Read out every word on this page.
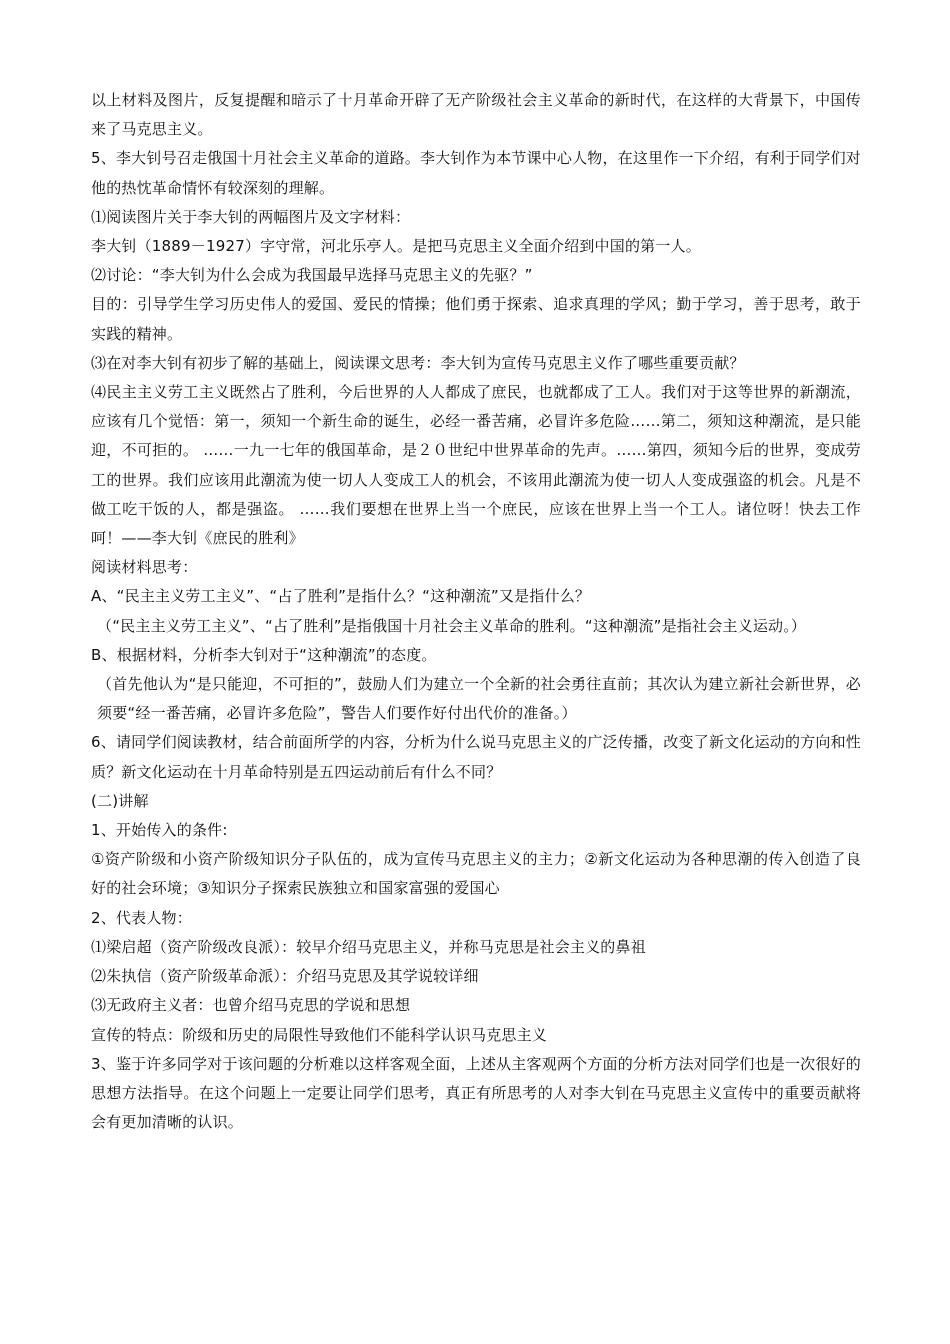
以上材料及图片，反复提醒和暗示了十月革命开辟了无产阶级社会主义革命的新时代，在这样的大背景下，中国传来了马克思主义。

5、李大钊号召走俄国十月社会主义革命的道路。李大钊作为本节课中心人物，在这里作一下介绍，有利于同学们对他的热忱革命情怀有较深刻的理解。

⑴阅读图片关于李大钊的两幅图片及文字材料：

李大钊（1889－1927）字守常，河北乐亭人。是把马克思主义全面介绍到中国的第一人。

⑵讨论：“李大钊为什么会成为我国最早选择马克思主义的先驱？”

目的：引导学生学习历史伟人的爱国、爱民的情操；他们勇于探索、追求真理的学风；勤于学习，善于思考，敢于实践的精神。

⑶在对李大钊有初步了解的基础上，阅读课文思考：李大钊为宣传马克思主义作了哪些重要贡献？

⑷民主主义劳工主义既然占了胜利，今后世界的人人都成了庶民，也就都成了工人。我们对于这等世界的新潮流，应该有几个觉悟：第一，须知一个新生命的诞生，必经一番苦痛，必冒许多危险……第二，须知这种潮流，是只能迎，不可拒的。 ……一九一七年的俄国革命，是２０世纪中世界革命的先声。……第四，须知今后的世界，变成劳工的世界。我们应该用此潮流为使一切人人变成工人的机会，不该用此潮流为使一切人人变成强盗的机会。凡是不做工吃干饭的人，都是强盗。 ……我们要想在世界上当一个庶民，应该在世界上当一个工人。诸位呀！快去工作呵！——李大钊《庶民的胜利》

阅读材料思考：

A、“民主主义劳工主义”、“占了胜利”是指什么？“这种潮流”又是指什么？

（“民主主义劳工主义”、“占了胜利”是指俄国十月社会主义革命的胜利。“这种潮流”是指社会主义运动。）

B、根据材料，分析李大钊对于“这种潮流”的态度。

（首先他认为“是只能迎，不可拒的”，鼓励人们为建立一个全新的社会勇往直前；其次认为建立新社会新世界，必须要“经一番苦痛，必冒许多危险”，警告人们要作好付出代价的准备。）

6、请同学们阅读教材，结合前面所学的内容，分析为什么说马克思主义的广泛传播，改变了新文化运动的方向和性质？新文化运动在十月革命特别是五四运动前后有什么不同？

(二)讲解

1、开始传入的条件:

①资产阶级和小资产阶级知识分子队伍的，成为宣传马克思主义的主力；②新文化运动为各种思潮的传入创造了良好的社会环境；③知识分子探索民族独立和国家富强的爱国心

2、代表人物：

⑴梁启超（资产阶级改良派）：较早介绍马克思主义，并称马克思是社会主义的鼻祖

⑵朱执信（资产阶级革命派）：介绍马克思及其学说较详细

⑶无政府主义者：也曾介绍马克思的学说和思想

宣传的特点：阶级和历史的局限性导致他们不能科学认识马克思主义

3、鉴于许多同学对于该问题的分析难以这样客观全面，上述从主客观两个方面的分析方法对同学们也是一次很好的思想方法指导。在这个问题上一定要让同学们思考，真正有所思考的人对李大钊在马克思主义宣传中的重要贡献将会有更加清晰的认识。
